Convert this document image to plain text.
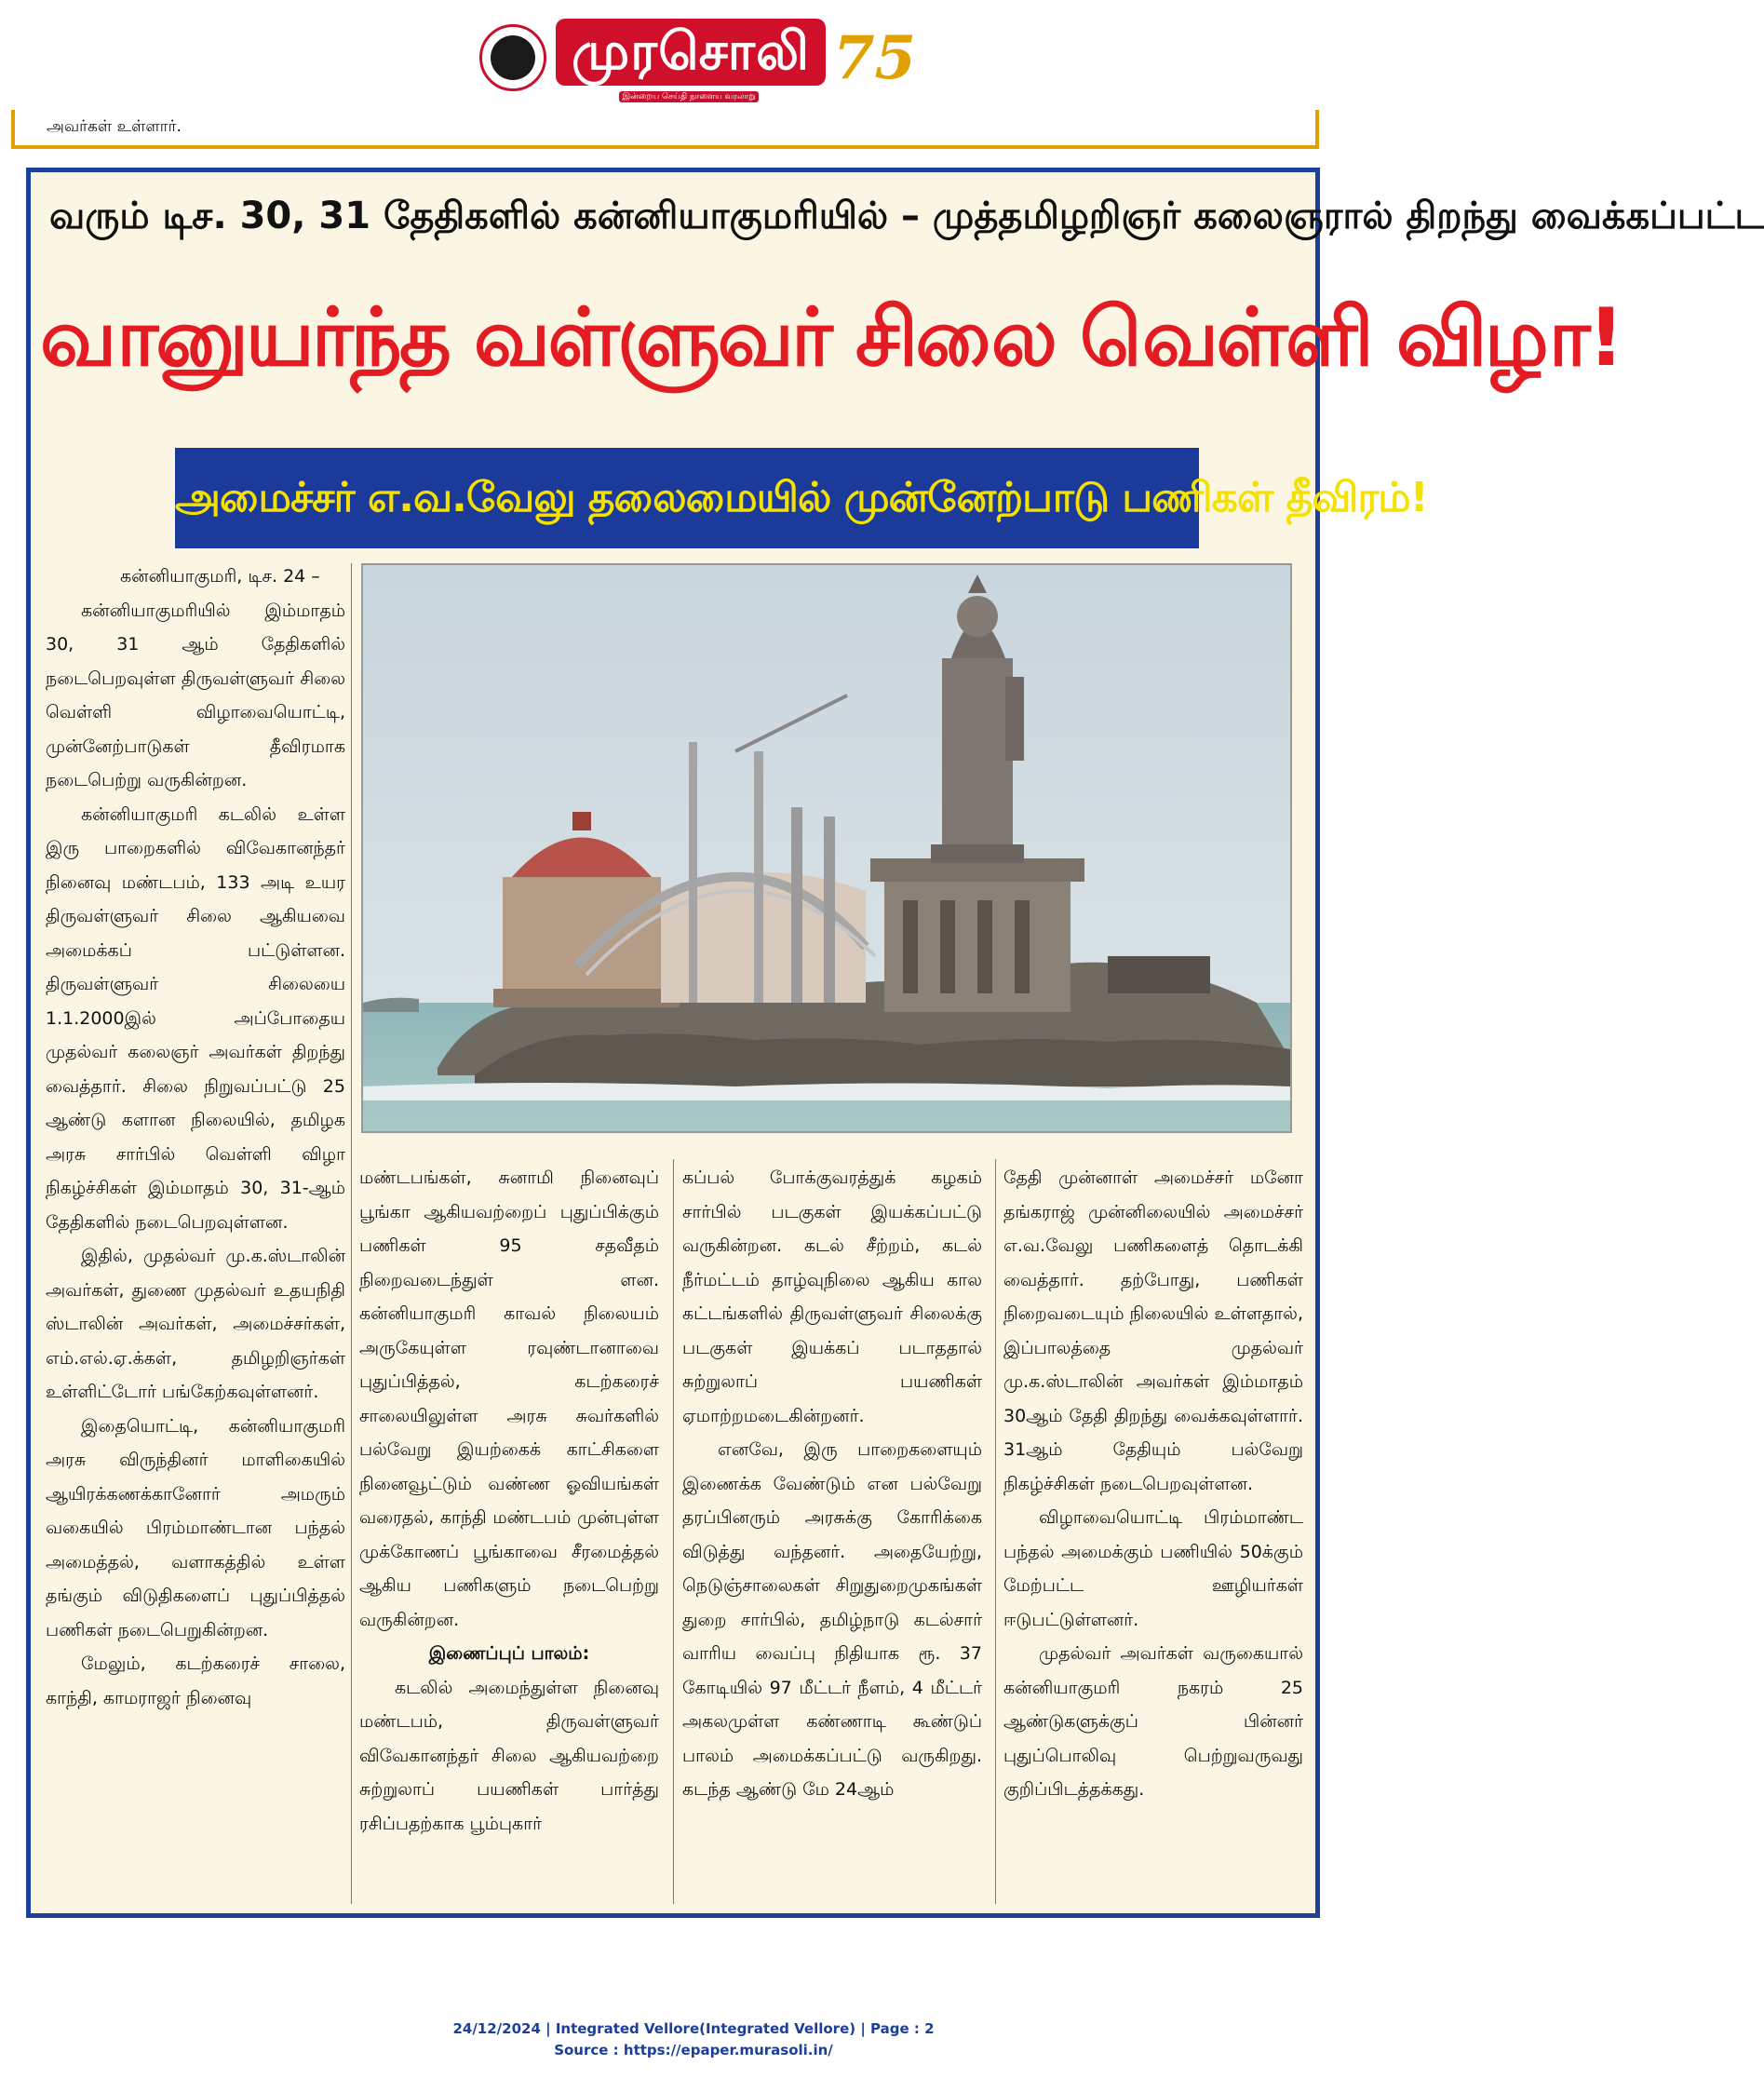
முரசொலி
இன்றைய செய்தி நாளைய வரலாறு
75
அவர்கள் உள்ளார்.
வரும் டிச. 30, 31 தேதிகளில் கன்னியாகுமரியில் – முத்தமிழறிஞர் கலைஞரால் திறந்து வைக்கப்பட்ட
வானுயர்ந்த வள்ளுவர் சிலை வெள்ளி விழா!
அமைச்சர் எ.வ.வேலு தலைமையில் முன்னேற்பாடு பணிகள் தீவிரம்!

கன்னியாகுமரி, டிச. 24 –

கன்னியாகுமரியில் இம்மாதம் 30, 31 ஆம் தேதிகளில் நடைபெறவுள்ள திருவள்ளுவர் சிலை வெள்ளி விழாவையொட்டி, முன்னேற்பாடுகள் தீவிரமாக நடைபெற்று வருகின்றன.

கன்னியாகுமரி கடலில் உள்ள இரு பாறைகளில் விவேகானந்தர் நினைவு மண்டபம், 133 அடி உயர திருவள்ளுவர் சிலை ஆகியவை அமைக்கப் பட்டுள்ளன. திருவள்ளுவர் சிலையை 1.1.2000இல் அப்போதைய முதல்வர் கலைஞர் அவர்கள் திறந்து வைத்தார். சிலை நிறுவப்பட்டு 25 ஆண்டு களான நிலையில், தமிழக அரசு சார்பில் வெள்ளி விழா நிகழ்ச்சிகள் இம்மாதம் 30, 31-ஆம் தேதிகளில் நடைபெறவுள்ளன.

இதில், முதல்வர் மு.க.ஸ்டாலின் அவர்கள், துணை முதல்வர் உதயநிதி ஸ்டாலின் அவர்கள், அமைச்சர்கள், எம்.எல்.ஏ.க்கள், தமிழறிஞர்கள் உள்ளிட்டோர் பங்கேற்கவுள்ளனர்.

இதையொட்டி, கன்னியாகுமரி அரசு விருந்தினர் மாளிகையில் ஆயிரக்கணக்கானோர் அமரும் வகையில் பிரம்மாண்டான பந்தல் அமைத்தல், வளாகத்தில் உள்ள தங்கும் விடுதிகளைப் புதுப்பித்தல் பணிகள் நடைபெறுகின்றன.

மேலும், கடற்கரைச் சாலை, காந்தி, காமராஜர் நினைவு

மண்டபங்கள், சுனாமி நினைவுப் பூங்கா ஆகியவற்றைப் புதுப்பிக்கும் பணிகள் 95 சதவீதம் நிறைவடைந்துள் ளன. கன்னியாகுமரி காவல் நிலையம் அருகேயுள்ள ரவுண்டானாவை புதுப்பித்தல், கடற்கரைச் சாலையிலுள்ள அரசு சுவர்களில் பல்வேறு இயற்கைக் காட்சிகளை நினைவூட்டும் வண்ண ஓவியங்கள் வரைதல், காந்தி மண்டபம் முன்புள்ள முக்கோணப் பூங்காவை சீரமைத்தல் ஆகிய பணிகளும் நடைபெற்று வருகின்றன.

இணைப்புப் பாலம்:

கடலில் அமைந்துள்ள நினைவு மண்டபம், திருவள்ளுவர் விவேகானந்தர் சிலை ஆகியவற்றை சுற்றுலாப் பயணிகள் பார்த்து ரசிப்பதற்காக பூம்புகார்

கப்பல் போக்குவரத்துக் கழகம் சார்பில் படகுகள் இயக்கப்பட்டு வருகின்றன. கடல் சீற்றம், கடல் நீர்மட்டம் தாழ்வுநிலை ஆகிய கால கட்டங்களில் திருவள்ளுவர் சிலைக்கு படகுகள் இயக்கப் படாததால் சுற்றுலாப் பயணிகள் ஏமாற்றமடைகின்றனர்.

எனவே, இரு பாறைகளையும் இணைக்க வேண்டும் என பல்வேறு தரப்பினரும் அரசுக்கு கோரிக்கை விடுத்து வந்தனர். அதையேற்று, நெடுஞ்சாலைகள் சிறுதுறைமுகங்கள் துறை சார்பில், தமிழ்நாடு கடல்சார் வாரிய வைப்பு நிதியாக ரூ. 37 கோடியில் 97 மீட்டர் நீளம், 4 மீட்டர் அகலமுள்ள கண்ணாடி கூண்டுப் பாலம் அமைக்கப்பட்டு வருகிறது. கடந்த ஆண்டு மே 24ஆம்

தேதி முன்னாள் அமைச்சர் மனோ தங்கராஜ் முன்னிலையில் அமைச்சர் எ.வ.வேலு பணிகளைத் தொடக்கி வைத்தார். தற்போது, பணிகள் நிறைவடையும் நிலையில் உள்ளதால், இப்பாலத்தை முதல்வர் மு.க.ஸ்டாலின் அவர்கள் இம்மாதம் 30ஆம் தேதி திறந்து வைக்கவுள்ளார். 31ஆம் தேதியும் பல்வேறு நிகழ்ச்சிகள் நடைபெறவுள்ளன.

விழாவையொட்டி பிரம்மாண்ட பந்தல் அமைக்கும் பணியில் 50க்கும் மேற்பட்ட ஊழியர்கள் ஈடுபட்டுள்ளனர்.

முதல்வர் அவர்கள் வருகையால் கன்னியாகுமரி நகரம் 25 ஆண்டுகளுக்குப் பின்னர் புதுப்பொலிவு பெற்றுவருவது குறிப்பிடத்தக்கது.

24/12/2024 | Integrated Vellore(Integrated Vellore) | Page : 2
Source : https://epaper.murasoli.in/
